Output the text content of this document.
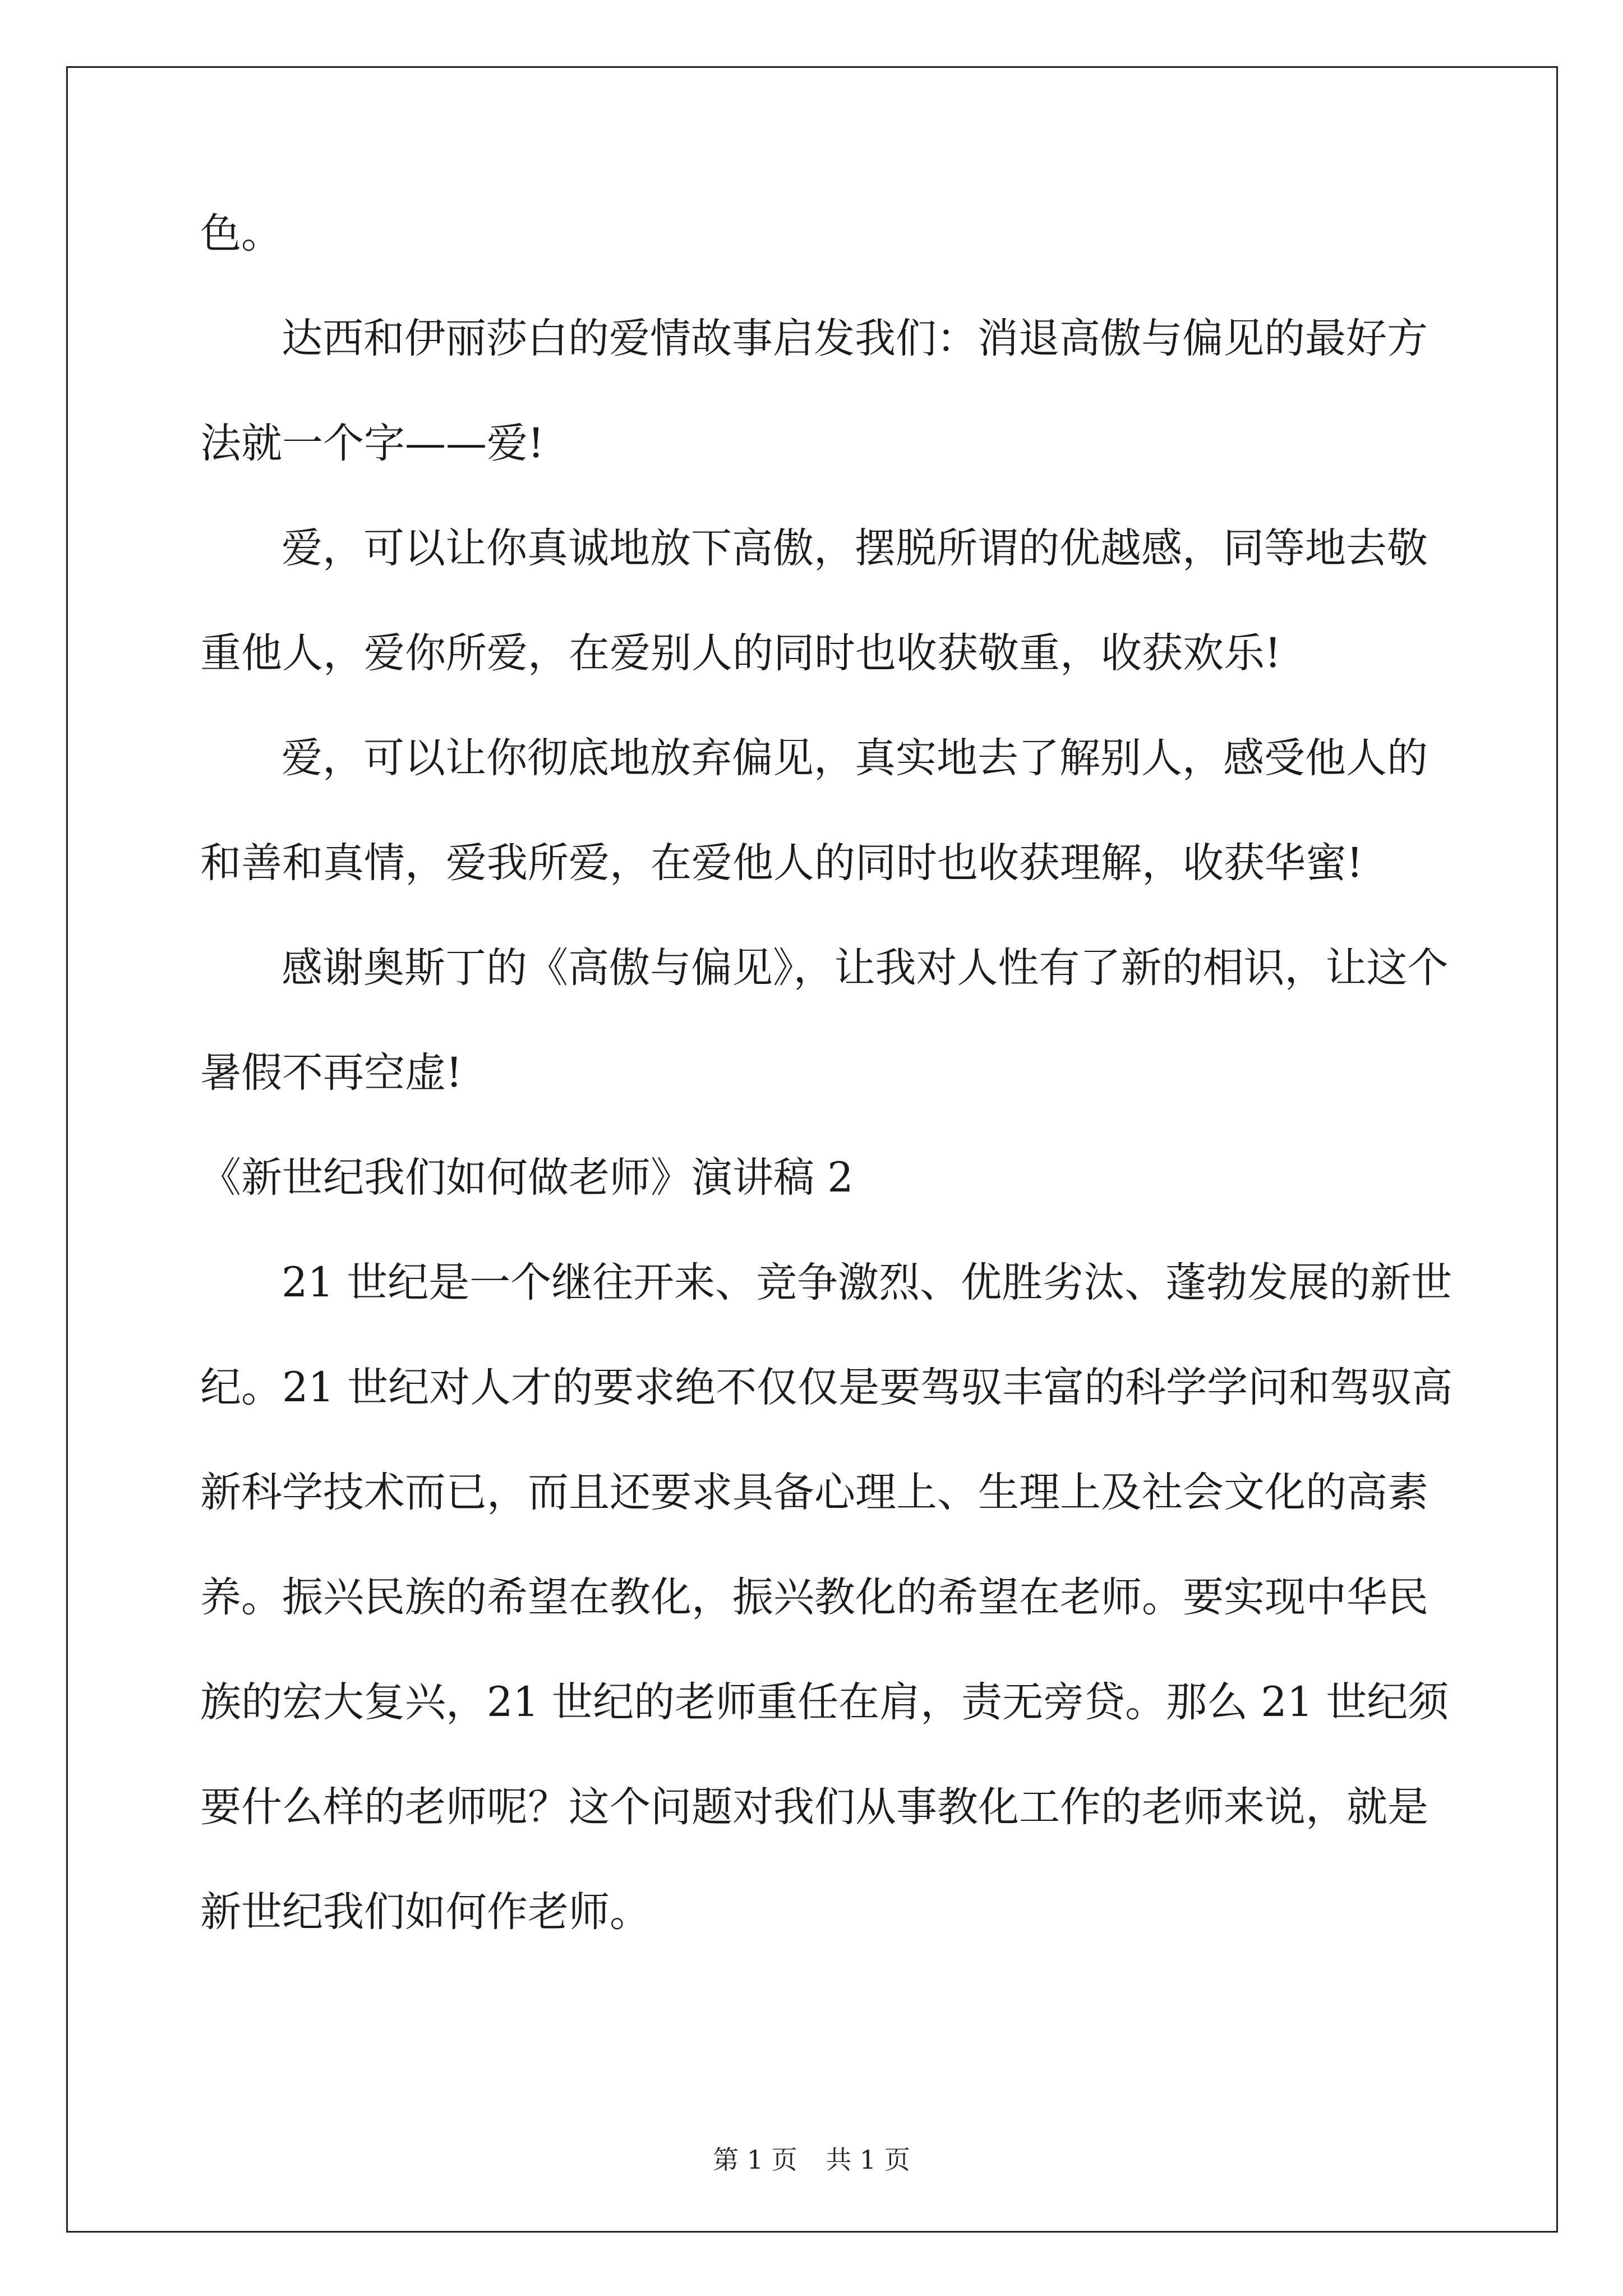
色。
达西和伊丽莎白的爱情故事启发我们：消退高傲与偏见的最好方
法就一个字——爱!
爱，可以让你真诚地放下高傲，摆脱所谓的优越感，同等地去敬
重他人，爱你所爱，在爱别人的同时也收获敬重，收获欢乐!
爱，可以让你彻底地放弃偏见，真实地去了解别人，感受他人的
和善和真情，爱我所爱，在爱他人的同时也收获理解，收获华蜜!
感谢奥斯丁的《高傲与偏见》，让我对人性有了新的相识，让这个
暑假不再空虚!
《新世纪我们如何做老师》演讲稿 2
21 世纪是一个继往开来、竞争激烈、优胜劣汰、蓬勃发展的新世
纪。21 世纪对人才的要求绝不仅仅是要驾驭丰富的科学学问和驾驭高
新科学技术而已，而且还要求具备心理上、生理上及社会文化的高素
养。振兴民族的希望在教化，振兴教化的希望在老师。要实现中华民
族的宏大复兴，21 世纪的老师重任在肩，责无旁贷。那么 21 世纪须
要什么样的老师呢？这个问题对我们从事教化工作的老师来说，就是
新世纪我们如何作老师。
第 1 页 共 1 页
